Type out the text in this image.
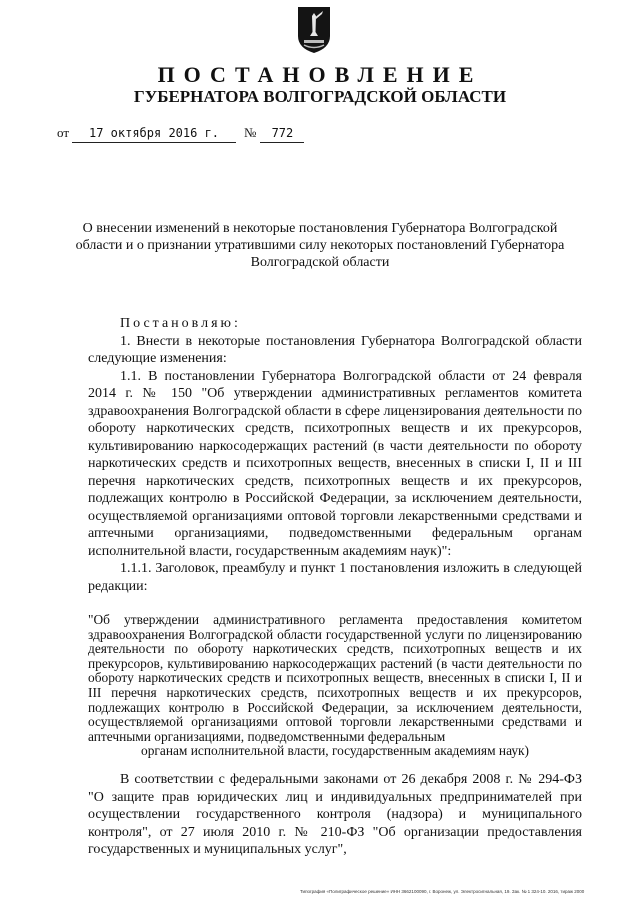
ПОСТАНОВЛЕНИЕ
ГУБЕРНАТОРА ВОЛГОГРАДСКОЙ ОБЛАСТИ
от 17 октября 2016 г. № 772
О внесении изменений в некоторые постановления Губернатора Волгоградской области и о признании утратившими силу некоторых постановлений Губернатора Волгоградской области

Постановляю:

1. Внести в некоторые постановления Губернатора Волгоградской области следующие изменения:

1.1. В постановлении Губернатора Волгоградской области от 24 февраля 2014 г. № 150 "Об утверждении административных регламентов комитета здравоохранения Волгоградской области в сфере лицензирования деятельности по обороту наркотических средств, психотропных веществ и их прекурсоров, культивированию наркосодержащих растений (в части деятельности по обороту наркотических средств и психотропных веществ, внесенных в списки I, II и III перечня наркотических средств, психотропных веществ и их прекурсоров, подлежащих контролю в Российской Федерации, за исключением деятельности, осуществляемой организациями оптовой торговли лекарственными средствами и аптечными организациями, подведомственными федеральным органам исполнительной власти, государственным академиям наук)":

1.1.1. Заголовок, преамбулу и пункт 1 постановления изложить в следующей редакции:

"Об утверждении административного регламента предоставления комитетом здравоохранения Волгоградской области государственной услуги по лицензированию деятельности по обороту наркотических средств, психотропных веществ и их прекурсоров, культивированию наркосодержащих растений (в части деятельности по обороту наркотических средств и психотропных веществ, внесенных в списки I, II и III перечня наркотических средств, психотропных веществ и их прекурсоров, подлежащих контролю в Российской Федерации, за исключением деятельности, осуществляемой организациями оптовой торговли лекарственными средствами и аптечными организациями, подведомственными федеральным

органам исполнительной власти, государственным академиям наук)

В соответствии с федеральными законами от 26 декабря 2008 г. № 294-ФЗ "О защите прав юридических лиц и индивидуальных предпринимателей при осуществлении государственного контроля (надзора) и муниципального контроля", от 27 июля 2010 г. № 210-ФЗ "Об организации предоставления государственных и муниципальных услуг",

Типография «Полиграфическое решение» ИНН 3662100090, г. Воронеж, ул. Электросигнальная, 19. Зак. № 1 324-10. 2016, тираж 2000
